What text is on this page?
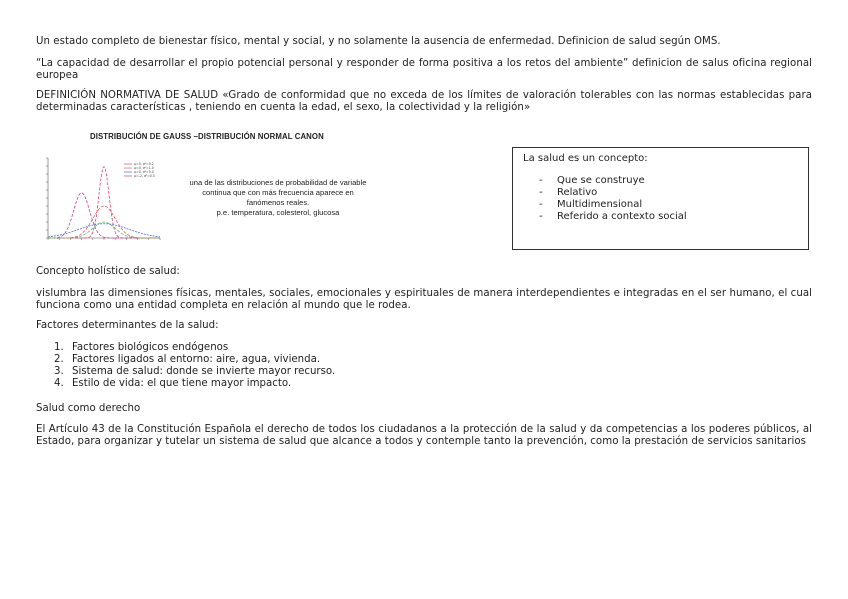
Un estado completo de bienestar físico, mental y social, y no solamente la ausencia de enfermedad. Definicion de salud según OMS.

“La capacidad de desarrollar el propio potencial personal y responder de forma positiva a los retos del ambiente” definicion de salus oficina regional europea

DEFINICIÓN NORMATIVA DE SALUD «Grado de conformidad que no exceda de los límites de valoración tolerables con las normas establecidas para determinadas características , teniendo en cuenta la edad, el sexo, la colectividad y la religión»

DISTRIBUCIÓN DE GAUSS –DISTRIBUCIÓN NORMAL CANON
μ=0, σ²=0.2
μ=0, σ²=1.0
μ=0, σ²=5.0
μ=-2, σ²=0.5
una de las distribuciones de probabilidad de variable
continua que con más frecuencia aparece en
fanómenos reales.
p.e. temperatura, colesterol, glucosa
La salud es un concepto:
- Que se construye
- Relativo
- Multidimensional
- Referido a contexto social

Concepto holístico de salud:

vislumbra las dimensiones físicas, mentales, sociales, emocionales y espirituales de manera interdependientes e integradas en el ser humano, el cual funciona como una entidad completa en relación al mundo que le rodea.

Factores determinantes de la salud:

1. Factores biológicos endógenos
2. Factores ligados al entorno: aire, agua, vivienda.
3. Sistema de salud: donde se invierte mayor recurso.
4. Estilo de vida: el que tiene mayor impacto.

Salud como derecho

El Artículo 43 de la Constitución Española el derecho de todos los ciudadanos a la protección de la salud y da competencias a los poderes públicos, al Estado, para organizar y tutelar un sistema de salud que alcance a todos y contemple tanto la prevención, como la prestación de servicios sanitarios
